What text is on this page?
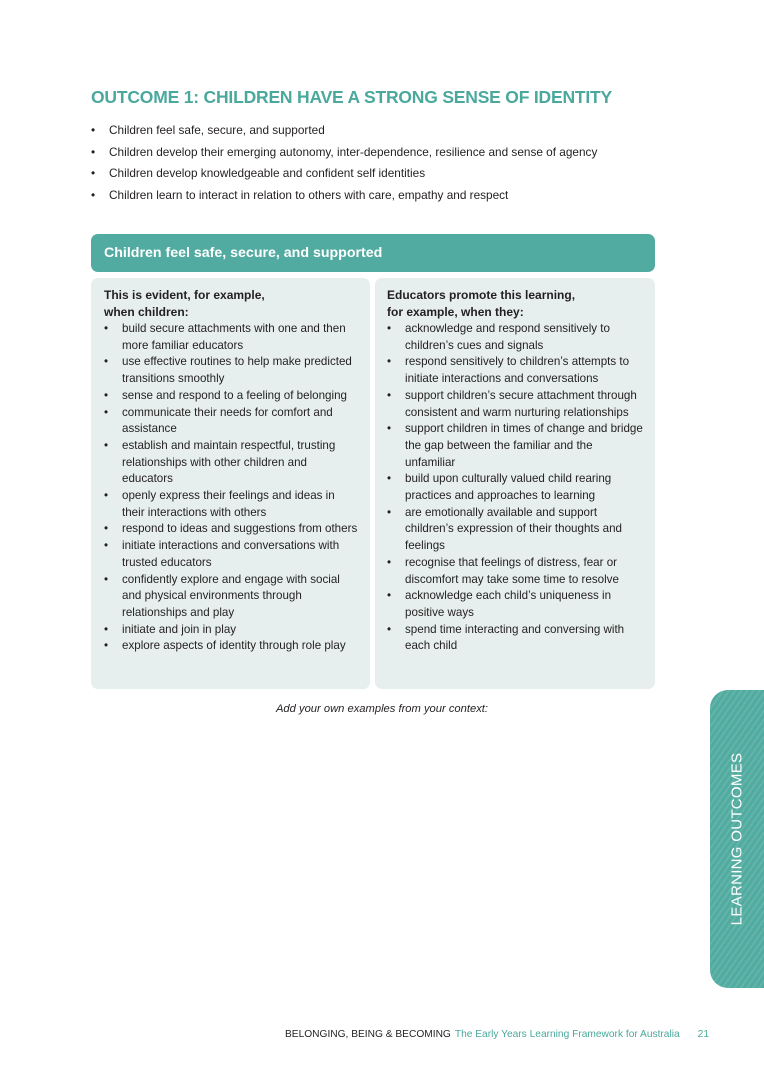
OUTCOME 1: CHILDREN HAVE A STRONG SENSE OF IDENTITY
• Children feel safe, secure, and supported
• Children develop their emerging autonomy, inter-dependence, resilience and sense of agency
• Children develop knowledgeable and confident self identities
• Children learn to interact in relation to others with care, empathy and respect
Children feel safe, secure, and supported
This is evident, for example,
when children:
• build secure attachments with one and then more familiar educators
• use effective routines to help make predicted transitions smoothly
• sense and respond to a feeling of belonging
• communicate their needs for comfort and assistance
• establish and maintain respectful, trusting relationships with other children and educators
• openly express their feelings and ideas in their interactions with others
• respond to ideas and suggestions from others
• initiate interactions and conversations with trusted educators
• confidently explore and engage with social and physical environments through relationships and play
• initiate and join in play
• explore aspects of identity through role play
Educators promote this learning,
for example, when they:
• acknowledge and respond sensitively to children’s cues and signals
• respond sensitively to children’s attempts to initiate interactions and conversations
• support children’s secure attachment through consistent and warm nurturing relationships
• support children in times of change and bridge the gap between the familiar and the unfamiliar
• build upon culturally valued child rearing practices and approaches to learning
• are emotionally available and support children’s expression of their thoughts and feelings
• recognise that feelings of distress, fear or discomfort may take some time to resolve
• acknowledge each child’s uniqueness in positive ways
• spend time interacting and conversing with each child

Add your own examples from your context:

LEARNING OUTCOMES
BELONGING, BEING & BECOMING The Early Years Learning Framework for Australia 21
